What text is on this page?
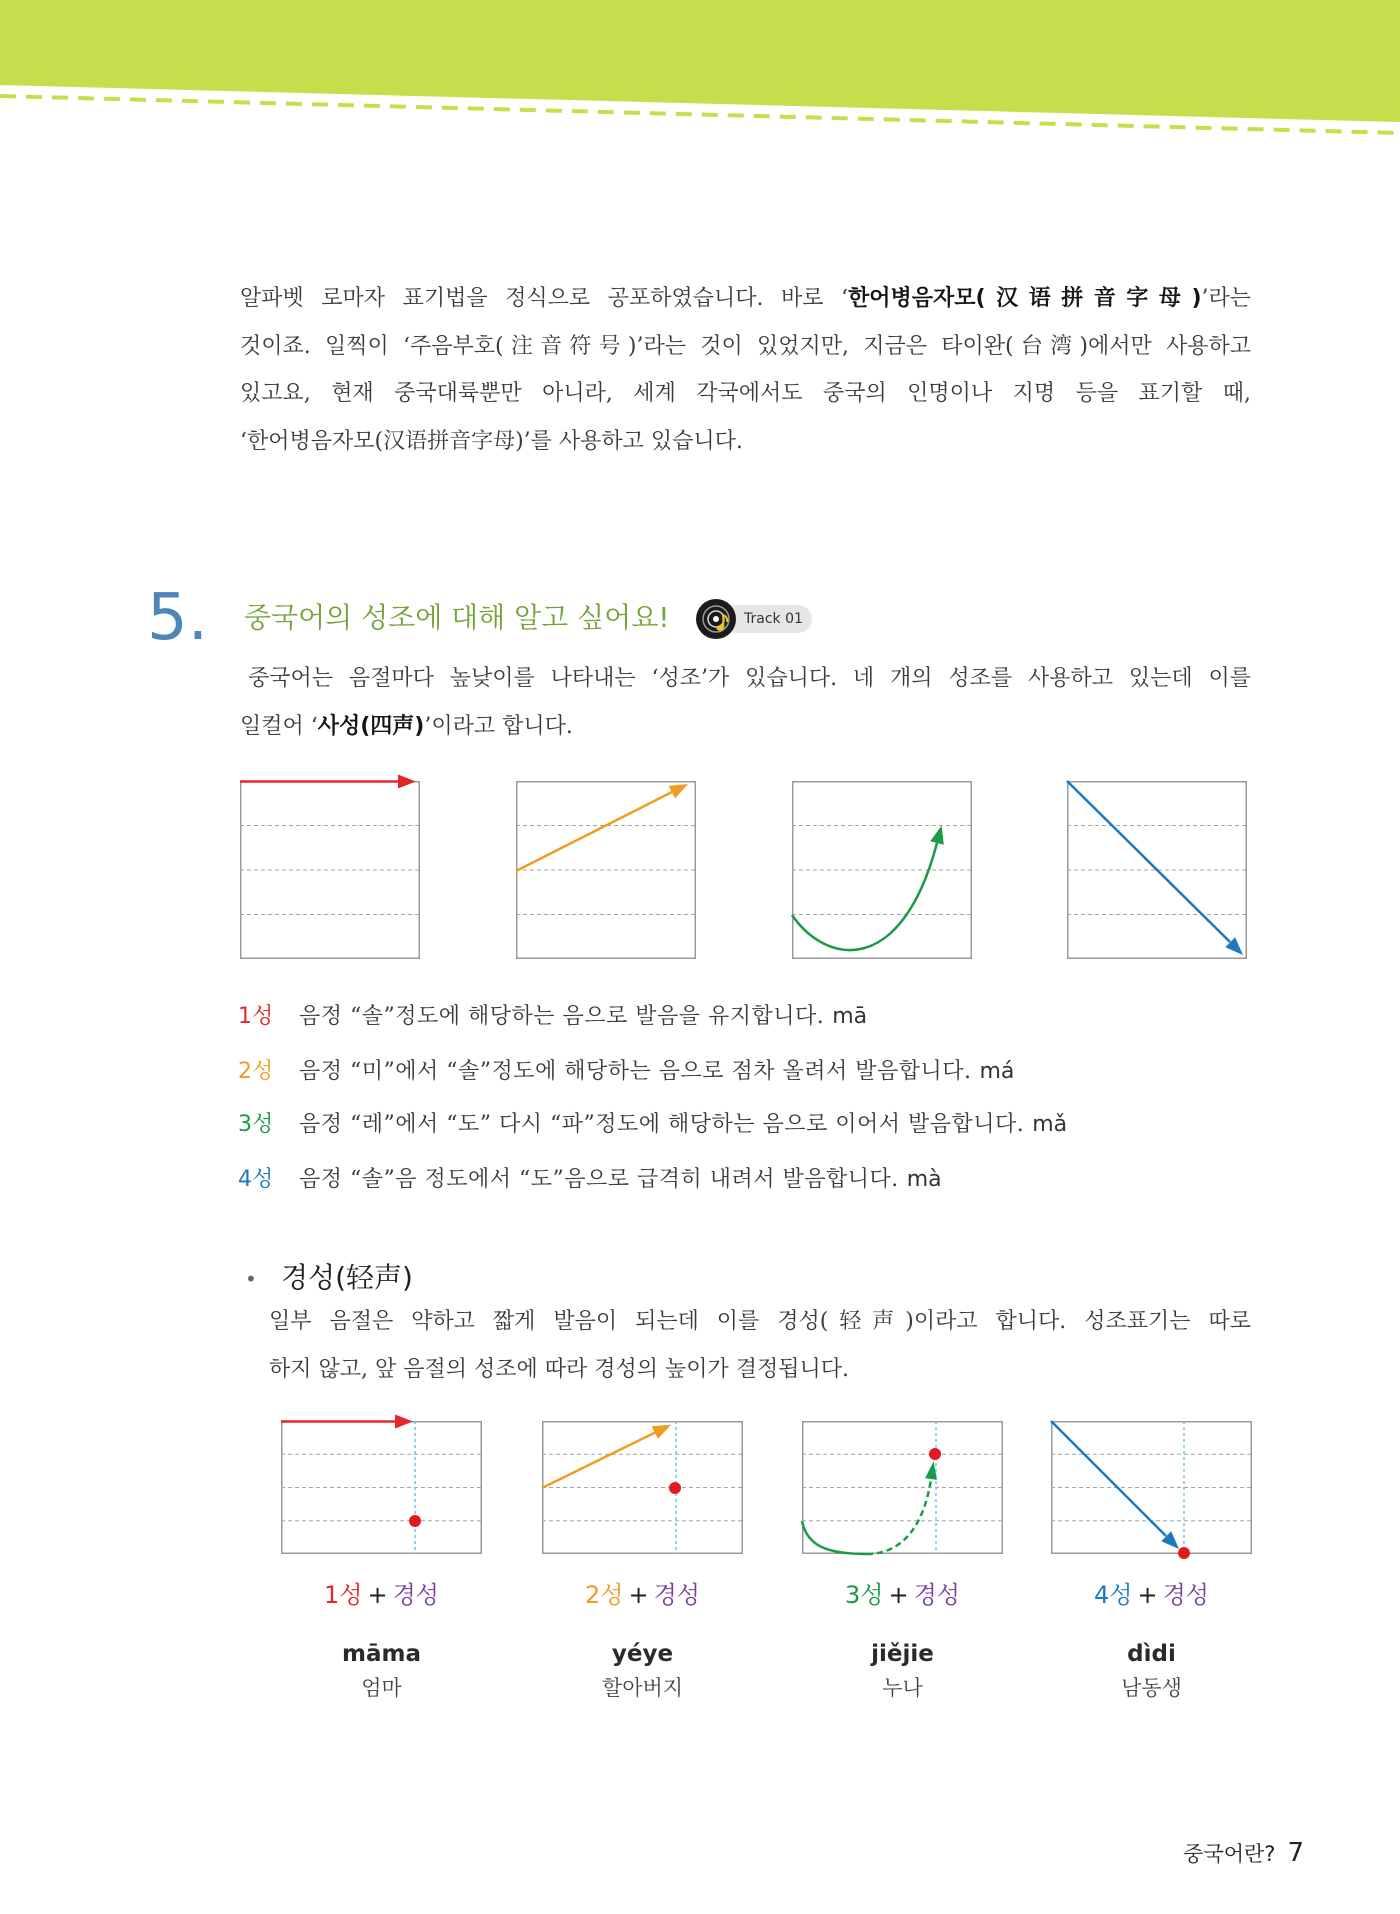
알파벳 로마자 표기법을 정식으로 공포하였습니다. 바로 ‘한어병음자모(汉语拼音字母)’라는
것이죠. 일찍이 ‘주음부호(注音符号)’라는 것이 있었지만, 지금은 타이완(台湾)에서만 사용하고
있고요, 현재 중국대륙뿐만 아니라, 세계 각국에서도 중국의 인명이나 지명 등을 표기할 때,
‘한어병음자모(汉语拼音字母)’를 사용하고 있습니다.
5. 중국어의 성조에 대해 알고 싶어요!	Track 01
중국어는 음절마다 높낮이를 나타내는 ‘성조’가 있습니다. 네 개의 성조를 사용하고 있는데 이를
일컬어 ‘사성(四声)’이라고 합니다.
1성 음정 “솔”정도에 해당하는 음으로 발음을 유지합니다. mā
2성 음정 “미”에서 “솔”정도에 해당하는 음으로 점차 올려서 발음합니다. má
3성 음정 “레”에서 “도” 다시 “파”정도에 해당하는 음으로 이어서 발음합니다. mǎ
4성 음정 “솔”음 정도에서 “도”음으로 급격히 내려서 발음합니다. mà
• 경성(轻声)
일부 음절은 약하고 짧게 발음이 되는데 이를 경성(轻声)이라고 합니다. 성조표기는 따로
하지 않고, 앞 음절의 성조에 따라 경성의 높이가 결정됩니다.
1성 + 경성	2성 + 경성	3성 + 경성	4성 + 경성
māma	yéye	jiějie	dìdi
엄마	할아버지	누나	남동생
중국어란? 7
